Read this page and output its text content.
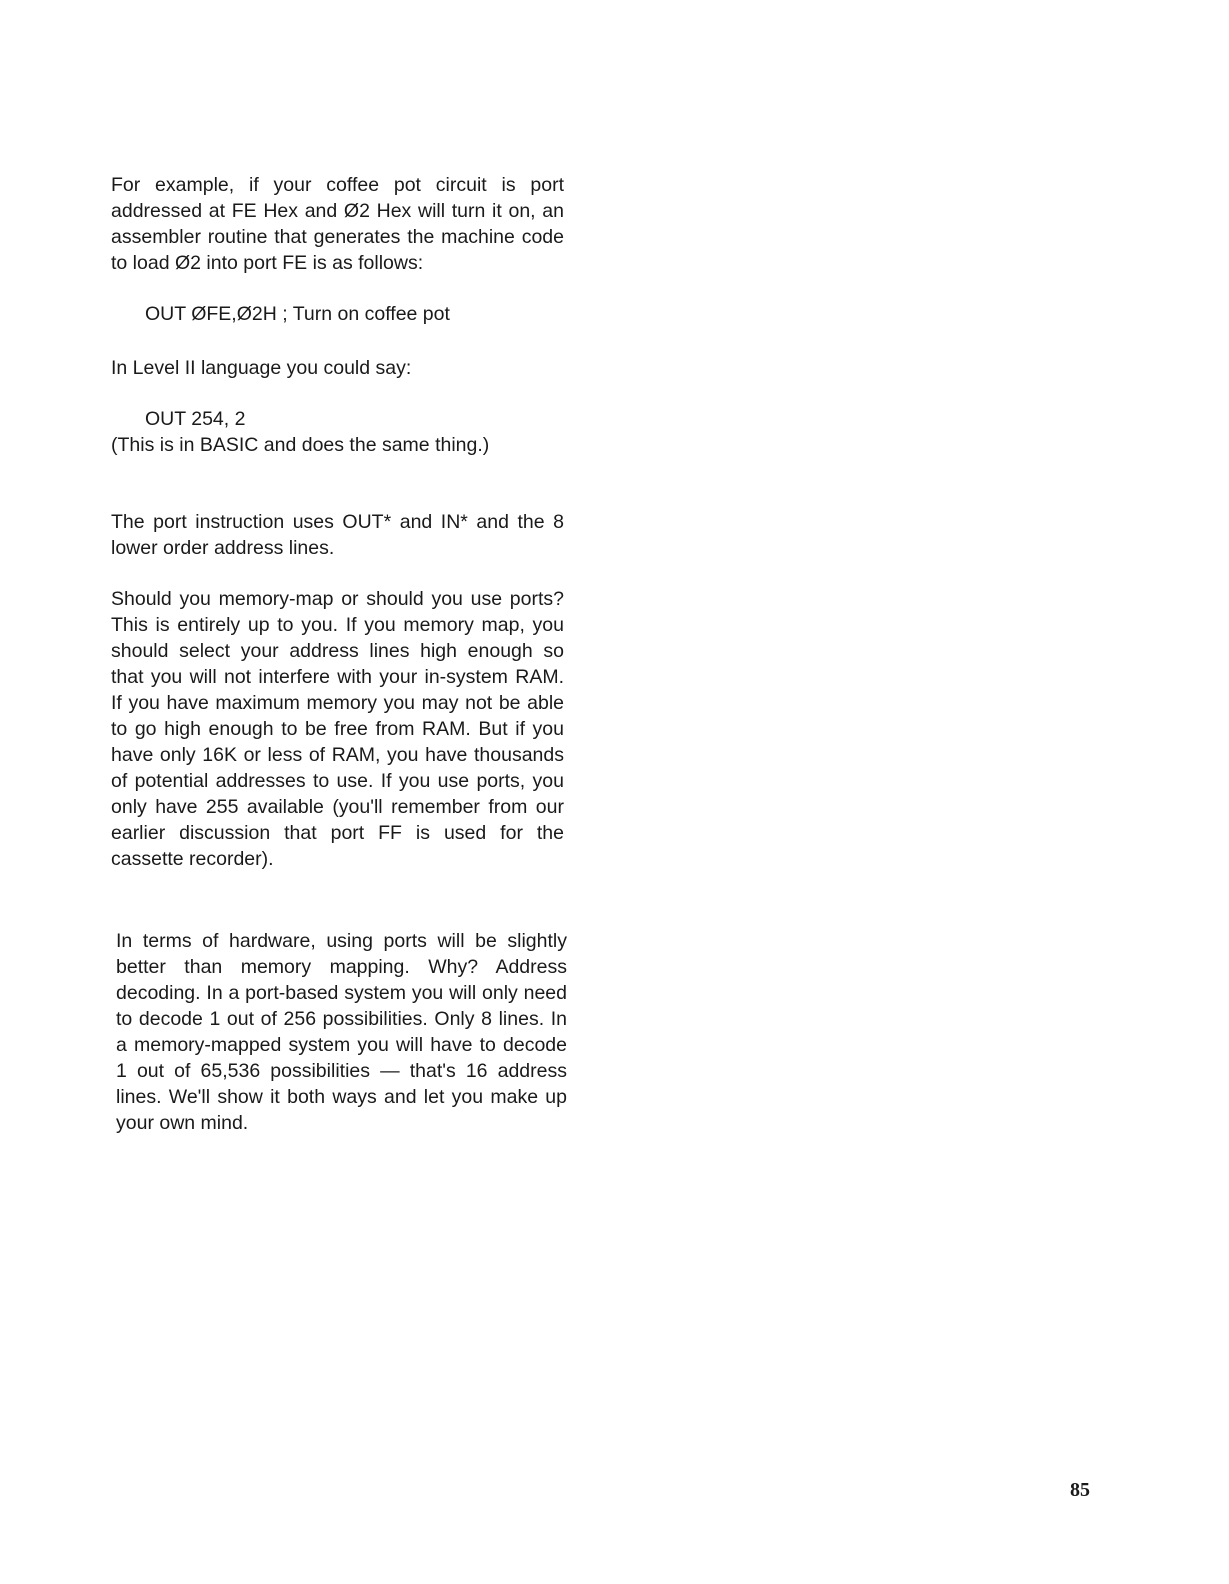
For example, if your coffee pot circuit is port addressed at FE Hex and Ø2 Hex will turn it on, an assembler routine that generates the machine code to load Ø2 into port FE is as follows:

OUT ØFE,Ø2H ; Turn on coffee pot

In Level II language you could say:

OUT 254, 2

(This is in BASIC and does the same thing.)

The port instruction uses OUT* and IN* and the 8 lower order address lines.

Should you memory-map or should you use ports? This is entirely up to you. If you memory map, you should select your address lines high enough so that you will not interfere with your in-system RAM. If you have maximum memory you may not be able to go high enough to be free from RAM. But if you have only 16K or less of RAM, you have thousands of potential addresses to use. If you use ports, you only have 255 available (you'll remember from our earlier discussion that port FF is used for the cassette recorder).

In terms of hardware, using ports will be slightly better than memory mapping. Why? Address decoding. In a port-based system you will only need to decode 1 out of 256 possibilities. Only 8 lines. In a memory-mapped system you will have to decode 1 out of 65,536 possibilities — that's 16 address lines. We'll show it both ways and let you make up your own mind.

85
